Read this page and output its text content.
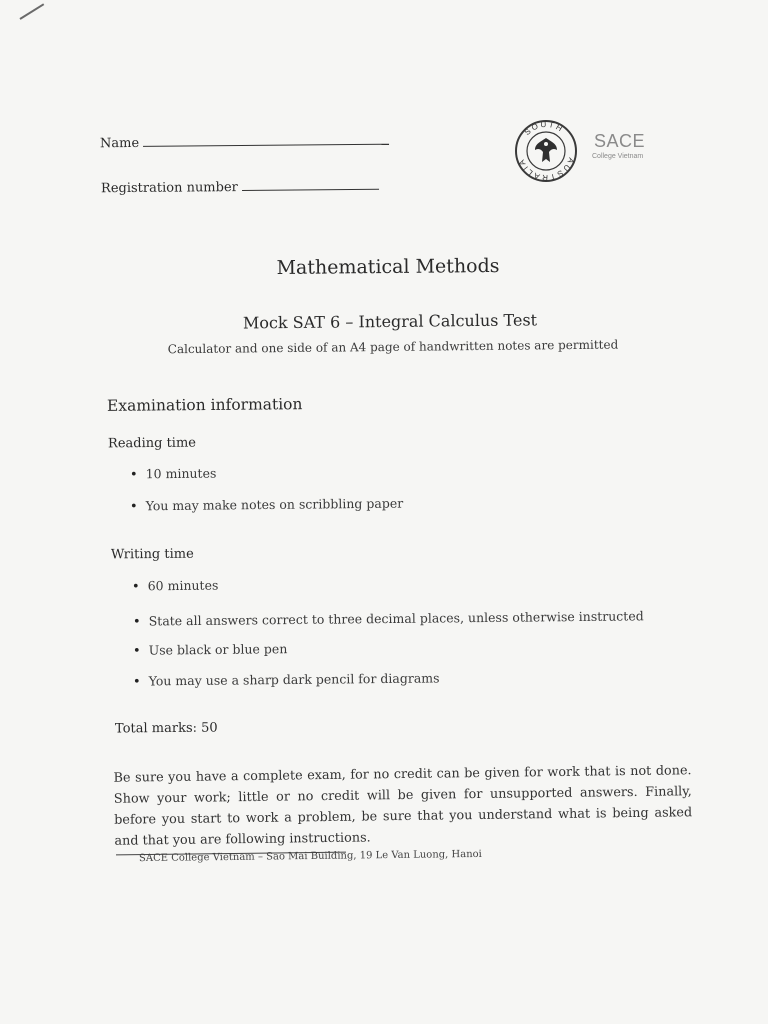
Name
Registration number
SOUTH
AUSTRALIA
SACE
College Vietnam
Mathematical Methods
Mock SAT 6 – Integral Calculus Test
Calculator and one side of an A4 page of handwritten notes are permitted
Examination information
Reading time
• 10 minutes
• You may make notes on scribbling paper
Writing time
• 60 minutes
• State all answers correct to three decimal places, unless otherwise instructed
• Use black or blue pen
• You may use a sharp dark pencil for diagrams
Total marks: 50
Be sure you have a complete exam, for no credit can be given for work that is not done. Show your work; little or no credit will be given for unsupported answers. Finally, before you start to work a problem, be sure that you understand what is being asked and that you are following instructions.
SACE College Vietnam – Sao Mai Building, 19 Le Van Luong, Hanoi
